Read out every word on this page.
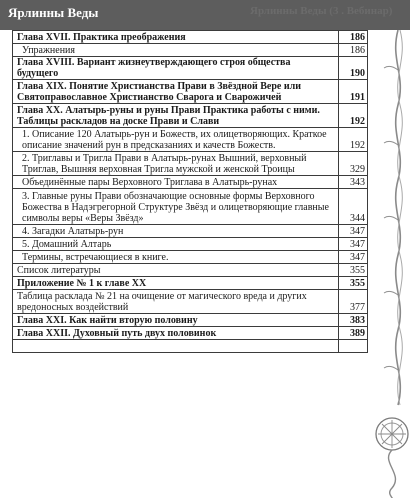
Ярлинны Веды	Ярлинны Веды (3 . Вебинар)
Глава XVII. Практика преображения	186
Упражнения	186
Глава XVIII. Вариант жизнеутверждающего строя общества будущего	190
Глава XIX. Понятие Христианства Прави в Звёздной Вере или Святоправославное Христианство Сварога и Сварожичей	191
Глава XX. Алатырь-руны и руны Прави Практика работы с ними. Таблицы раскладов на доске Прави и Слави	192
1. Описание 120 Алатырь-рун и Божеств, их олицетворяющих. Краткое описание значений рун в предсказаниях и качеств Божеств.	192
2. Триглавы и Тригла Прави в Алатырь-рунах Вышний, верховный Триглав, Вышняя верховная Тригла мужской и женской Троицы	329
Объединённые пары Верховного Триглава в Алатырь-рунах	343
3. Главные руны Прави обозначающие основные формы Верховного Божества в Надэгрегорной Структуре Звёзд и олицетворяющие главные символы веры «Веры Звёзд»	344
4. Загадки Алатырь-рун	347
5. Домашний Алтарь	347
Термины, встречающиеся в книге.	347
Список литературы	355
Приложение № 1 к главе XX	355
Таблица расклада № 21 на очищение от магического вреда и других вредоносных воздействий	377
Глава XXI. Как найти вторую половину	383
Глава XXII. Духовный путь двух половинок	389
